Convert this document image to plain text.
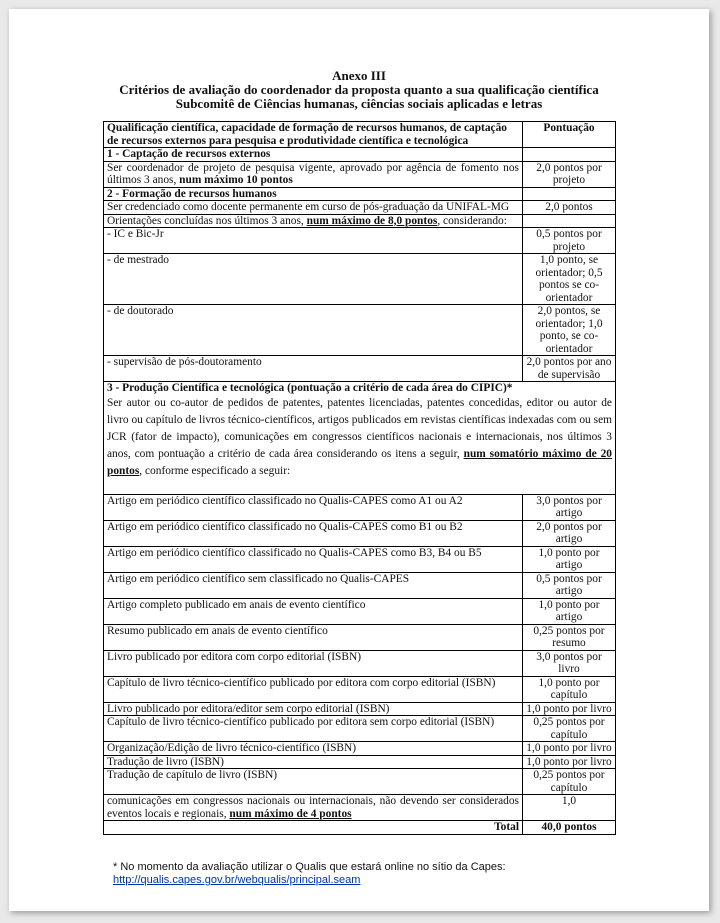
Anexo III
Critérios de avaliação do coordenador da proposta quanto a sua qualificação científica
Subcomitê de Ciências humanas, ciências sociais aplicadas e letras
Qualificação científica, capacidade de formação de recursos humanos, de captação de recursos externos para pesquisa e produtividade científica e tecnológica	Pontuação
1 - Captação de recursos externos	
Ser coordenador de projeto de pesquisa vigente, aprovado por agência de fomento nos últimos 3 anos, num máximo 10 pontos	2,0 pontos por projeto
2 - Formação de recursos humanos	
Ser credenciado como docente permanente em curso de pós-graduação da UNIFAL-MG	2,0 pontos
Orientações concluídas nos últimos 3 anos, num máximo de 8,0 pontos, considerando:	
- IC e Bic-Jr	0,5 pontos por projeto
- de mestrado	1,0 ponto, se orientador; 0,5 pontos se co-orientador
- de doutorado	2,0 pontos, se orientador; 1,0 ponto, se co-orientador
- supervisão de pós-doutoramento	2,0 pontos por ano de supervisão

3 - Produção Científica e tecnológica (pontuação a critério de cada área do CIPIC)*
Ser autor ou co-autor de pedidos de patentes, patentes licenciadas, patentes concedidas, editor ou autor de livro ou capítulo de livros técnico-científicos, artigos publicados em revistas científicas indexadas com ou sem JCR (fator de impacto), comunicações em congressos científicos nacionais e internacionais, nos últimos 3 anos, com pontuação a critério de cada área considerando os itens a seguir, num somatório máximo de 20 pontos, conforme especificado a seguir:	

Artigo em periódico científico classificado no Qualis-CAPES como A1 ou A2	3,0 pontos por artigo
Artigo em periódico científico classificado no Qualis-CAPES como B1 ou B2	2,0 pontos por artigo
Artigo em periódico científico classificado no Qualis-CAPES como B3, B4 ou B5	1,0 ponto por artigo
Artigo em periódico científico sem classificado no Qualis-CAPES	0,5 pontos por artigo
Artigo completo publicado em anais de evento científico	1,0 ponto por artigo
Resumo publicado em anais de evento científico	0,25 pontos por resumo
Livro publicado por editora com corpo editorial (ISBN)	3,0 pontos por livro
Capítulo de livro técnico-científico publicado por editora com corpo editorial (ISBN)	1,0 ponto por capítulo
Livro publicado por editora/editor sem corpo editorial (ISBN)	1,0 ponto por livro
Capítulo de livro técnico-científico publicado por editora sem corpo editorial (ISBN)	0,25 pontos por capítulo
Organização/Edição de livro técnico-científico (ISBN)	1,0 ponto por livro
Tradução de livro (ISBN)	1,0 ponto por livro
Tradução de capítulo de livro (ISBN)	0,25 pontos por capítulo
comunicações em congressos nacionais ou internacionais, não devendo ser considerados eventos locais e regionais, num máximo de 4 pontos	1,0
Total	40,0 pontos
* No momento da avaliação utilizar o Qualis que estará online no sítio da Capes:
http://qualis.capes.gov.br/webqualis/principal.seam
